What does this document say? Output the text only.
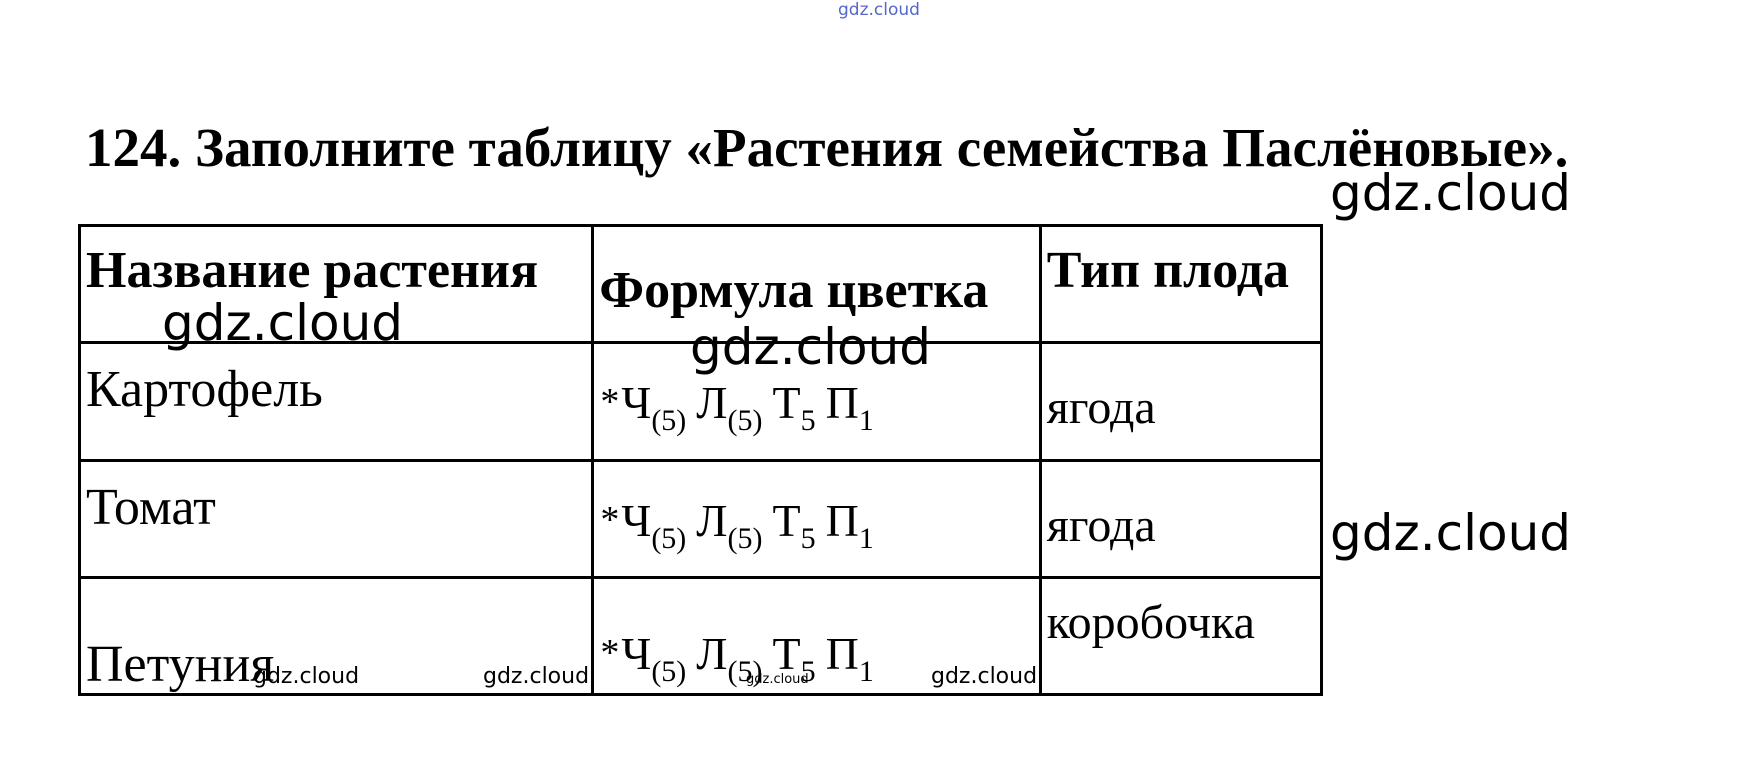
gdz.cloud
124. Заполните таблицу «Растения семейства Паслёновые».
Название растения	Формула цветка	Тип плода

Картофель	$*Ч_{(5)}$ $Л_{(5)}$ $Т_5$ $П_1$	ягода

Томат	$*Ч_{(5)}$ $Л_{(5)}$ $Т_5$ $П_1$	ягода

Петуния	$*Ч_{(5)}$ $Л_{(5)}$ $Т_5$ $П_1$	коробочка
gdz.cloud
gdz.cloud	gdz.cloud
gdz.cloud
gdz.cloud	gdz.cloud	gdz.cloud	gdz.cloud
